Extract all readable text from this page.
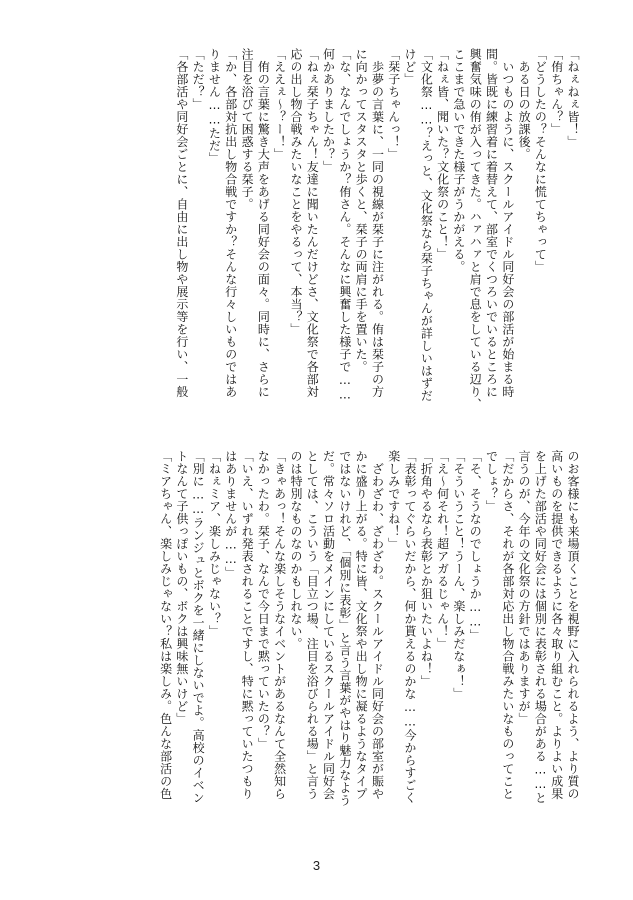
「ねぇねぇ皆！」
「侑ちゃん？」
「どうしたの？そんなに慌てちゃって」
　ある日の放課後。
　いつものように、スクールアイドル同好会の部活が始まる時
間。皆既に練習着に着替えて、部室でくつろいでいるところに
興奮気味の侑が入ってきた。ハァハァと肩で息をしている辺り、
ここまで急いできた様子がうかがえる。
「ねぇ皆、聞いた？文化祭のこと！」
「文化祭……？えっと、文化祭なら栞子ちゃんが詳しいはずだ
けど」
「栞子ちゃんっ！」
　歩夢の言葉に、一同の視線が栞子に注がれる。侑は栞子の方
に向かってスタスタと歩くと、栞子の両肩に手を置いた。
「な、なんでしょうか？侑さん。そんなに興奮した様子で……
何かありましたか？」
「ねぇ栞子ちゃん！友達に聞いたんだけどさ、文化祭で各部対
応の出し物合戦みたいなことをやるって、本当？」
「ええぇ〜？ー！」
　侑の言葉に驚き大声をあげる同好会の面々。同時に、さらに
注目を浴びて困惑する栞子。
「か、各部対抗出し物合戦ですか？そんな行々しいものではあ
りません……ただ」
「ただ？」
「各部活や同好会ごとに、自由に出し物や展示等を行い、一般
のお客様にも来場頂くことを視野に入れられるよう、より質の
高いものを提供できるように各々取り組むこと。よりよい成果
を上げた部活や同好会には個別に表彰される場合がある……と
言うのが、今年の文化祭の方針ではありますが」
「だからさ、それが各部対応出し物合戦みたいなものってこと
でしょ？」
「そ、そうなのでしょうか……」
「そういうこと！うーん、楽しみだなぁ！」
「え〜何それ！超アガるじゃん！」
「折角やるなら表彰とか狙いたいよね！」
「表彰ってぐらいだから、何か貰えるのかな……今からすごく
楽しみですね！」
　ざわざわ、ざわざわ。スクールアイドル同好会の部室が賑や
かに盛り上がる。特に皆、文化祭や出し物に凝るようなタイプ
ではないけれど、「個別に表彰」と言う言葉がやはり魅力なよう
だ。常々ソロ活動をメインにしているスクールアイドル同好会
としては、こういう「目立つ場、注目を浴びられる場」と言う
のは特別なものなのかもしれない。
「きゃあっ！そんな楽しそうなイベントがあるなんて全然知ら
なかったわ。栞子、なんで今日まで黙っていたの？」
「いえ、いずれ発表されることですし、特に黙っていたつもり
はありませんが……」
「ねぇミア、楽しみじゃない？」
「別に……ランジュとボクを一緒にしないでよ。高校のイベン
トなんて子供っぽいもの、ボクは興味無いけど」
「ミアちゃん、楽しみじゃない？私は楽しみ。色んな部活の色
3
